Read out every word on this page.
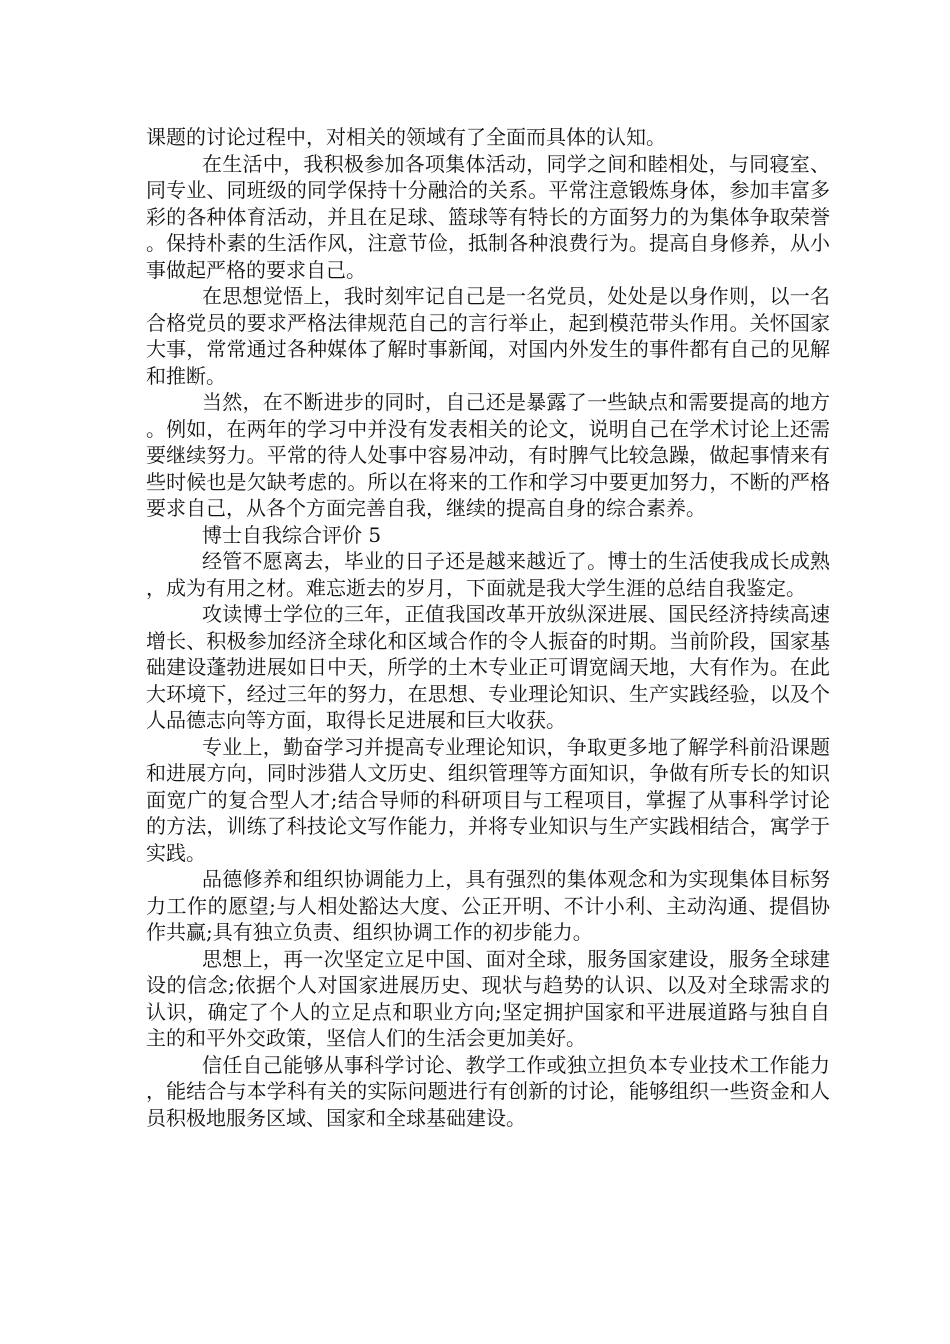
课题的讨论过程中，对相关的领域有了全面而具体的认知。

在生活中，我积极参加各项集体活动，同学之间和睦相处，与同寝室、同专业、同班级的同学保持十分融洽的关系。平常注意锻炼身体，参加丰富多彩的各种体育活动，并且在足球、篮球等有特长的方面努力的为集体争取荣誉。保持朴素的生活作风，注意节俭，抵制各种浪费行为。提高自身修养，从小事做起严格的要求自己。

在思想觉悟上，我时刻牢记自己是一名党员，处处是以身作则，以一名合格党员的要求严格法律规范自己的言行举止，起到模范带头作用。关怀国家大事，常常通过各种媒体了解时事新闻，对国内外发生的事件都有自己的见解和推断。

当然，在不断进步的同时，自己还是暴露了一些缺点和需要提高的地方。例如，在两年的学习中并没有发表相关的论文，说明自己在学术讨论上还需要继续努力。平常的待人处事中容易冲动，有时脾气比较急躁，做起事情来有些时候也是欠缺考虑的。所以在将来的工作和学习中要更加努力，不断的严格要求自己，从各个方面完善自我，继续的提高自身的综合素养。

博士自我综合评价 5

经管不愿离去，毕业的日子还是越来越近了。博士的生活使我成长成熟，成为有用之材。难忘逝去的岁月，下面就是我大学生涯的总结自我鉴定。

攻读博士学位的三年，正值我国改革开放纵深进展、国民经济持续高速增长、积极参加经济全球化和区域合作的令人振奋的时期。当前阶段，国家基础建设蓬勃进展如日中天，所学的土木专业正可谓宽阔天地，大有作为。在此大环境下，经过三年的努力，在思想、专业理论知识、生产实践经验，以及个人品德志向等方面，取得长足进展和巨大收获。

专业上，勤奋学习并提高专业理论知识，争取更多地了解学科前沿课题和进展方向，同时涉猎人文历史、组织管理等方面知识，争做有所专长的知识面宽广的复合型人才;结合导师的科研项目与工程项目，掌握了从事科学讨论的方法，训练了科技论文写作能力，并将专业知识与生产实践相结合，寓学于实践。

品德修养和组织协调能力上，具有强烈的集体观念和为实现集体目标努力工作的愿望;与人相处豁达大度、公正开明、不计小利、主动沟通、提倡协作共赢;具有独立负责、组织协调工作的初步能力。

思想上，再一次坚定立足中国、面对全球，服务国家建设，服务全球建设的信念;依据个人对国家进展历史、现状与趋势的认识、以及对全球需求的认识，确定了个人的立足点和职业方向;坚定拥护国家和平进展道路与独自自主的和平外交政策，坚信人们的生活会更加美好。

信任自己能够从事科学讨论、教学工作或独立担负本专业技术工作能力，能结合与本学科有关的实际问题进行有创新的讨论，能够组织一些资金和人员积极地服务区域、国家和全球基础建设。
